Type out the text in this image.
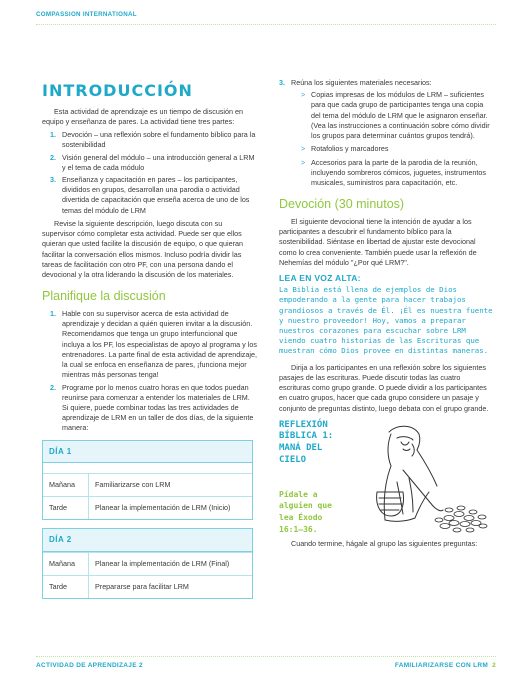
COMPASSION INTERNATIONAL
INTRODUCCIÓN

Esta actividad de aprendizaje es un tiempo de discusión en equipo y enseñanza de pares. La actividad tiene tres partes:

1. Devoción – una reflexión sobre el fundamento bíblico para la sostenibilidad
2. Visión general del módulo – una introducción general a LRM y el tema de cada módulo
3. Enseñanza y capacitación en pares – los participantes, divididos en grupos, desarrollan una parodia o actividad divertida de capacitación que enseña acerca de uno de los temas del módulo de LRM

Revise la siguiente descripción, luego discuta con su supervisor cómo completar esta actividad. Puede ser que ellos quieran que usted facilite la discusión de equipo, o que quieran facilitar la conversación ellos mismos. Incluso podría dividir las tareas de facilitación con otro PF, con una persona dando el devocional y la otra liderando la discusión de los materiales.

Planifique la discusión
1. Hable con su supervisor acerca de esta actividad de aprendizaje y decidan a quién quieren invitar a la discusión. Recomendamos que tenga un grupo interfuncional que incluya a los PF, los especialistas de apoyo al programa y los entrenadores. La parte final de esta actividad de aprendizaje, la cual se enfoca en enseñanza de pares, ¡funciona mejor mientras más personas tenga!
2. Programe por lo menos cuatro horas en que todos puedan reunirse para comenzar a entender los materiales de LRM. Si quiere, puede combinar todas las tres actividades de aprendizaje de LRM en un taller de dos días, de la siguiente manera:
DÍA 1
Mañana	Familiarizarse con LRM
Tarde	Planear la implementación de LRM (Inicio)
DÍA 2
Mañana	Planear la implementación de LRM (Final)
Tarde	Prepararse para facilitar LRM
3. Reúna los siguientes materiales necesarios:
> Copias impresas de los módulos de LRM – suficientes para que cada grupo de participantes tenga una copia del tema del módulo de LRM que le asignaron enseñar. (Vea las instrucciones a continuación sobre cómo dividir los grupos para determinar cuántos grupos tendrá).
> Rotafolios y marcadores
> Accesorios para la parte de la parodia de la reunión, incluyendo sombreros cómicos, juguetes, instrumentos musicales, suministros para capacitación, etc.
Devoción (30 minutos)

El siguiente devocional tiene la intención de ayudar a los participantes a descubrir el fundamento bíblico para la sostenibilidad. Siéntase en libertad de ajustar este devocional como lo crea conveniente. También puede usar la reflexión de Nehemías del módulo "¿Por qué LRM?".

LEA EN VOZ ALTA:
La Biblia está llena de ejemplos de Dios empoderando a la gente para hacer trabajos grandiosos a través de Él. ¡Él es nuestra fuente y nuestro proveedor! Hoy, vamos a preparar nuestros corazones para escuchar sobre LRM viendo cuatro historias de las Escrituras que muestran cómo Dios provee en distintas maneras.

Dirija a los participantes en una reflexión sobre los siguientes pasajes de las escrituras. Puede discutir todas las cuatro escrituras como grupo grande. O puede dividir a los participantes en cuatro grupos, hacer que cada grupo considere un pasaje y conjunto de preguntas distinto, luego debata con el grupo grande.

REFLEXIÓN
BÍBLICA 1:
MANÁ DEL
CIELO
Pídale a
alguien que
lea Éxodo
16:1–36.

Cuando termine, hágale al grupo las siguientes preguntas:

ACTIVIDAD DE APRENDIZAJE 2	FAMILIARIZARSE CON LRM 2
